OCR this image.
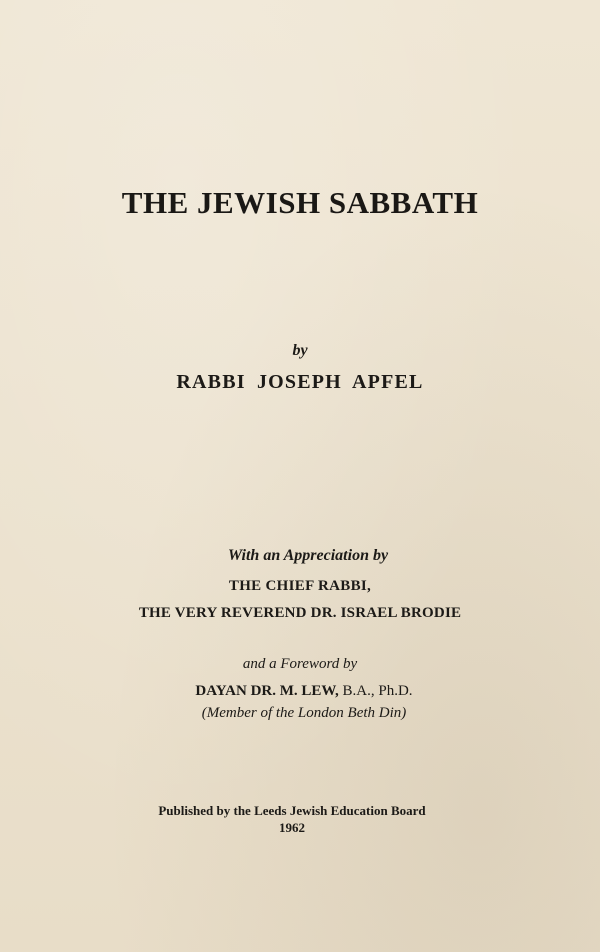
THE JEWISH SABBATH
by
RABBI JOSEPH APFEL
With an Appreciation by
THE CHIEF RABBI,
THE VERY REVEREND DR. ISRAEL BRODIE
and a Foreword by
DAYAN DR. M. LEW, B.A., Ph.D.
(Member of the London Beth Din)
Published by the Leeds Jewish Education Board
1962
